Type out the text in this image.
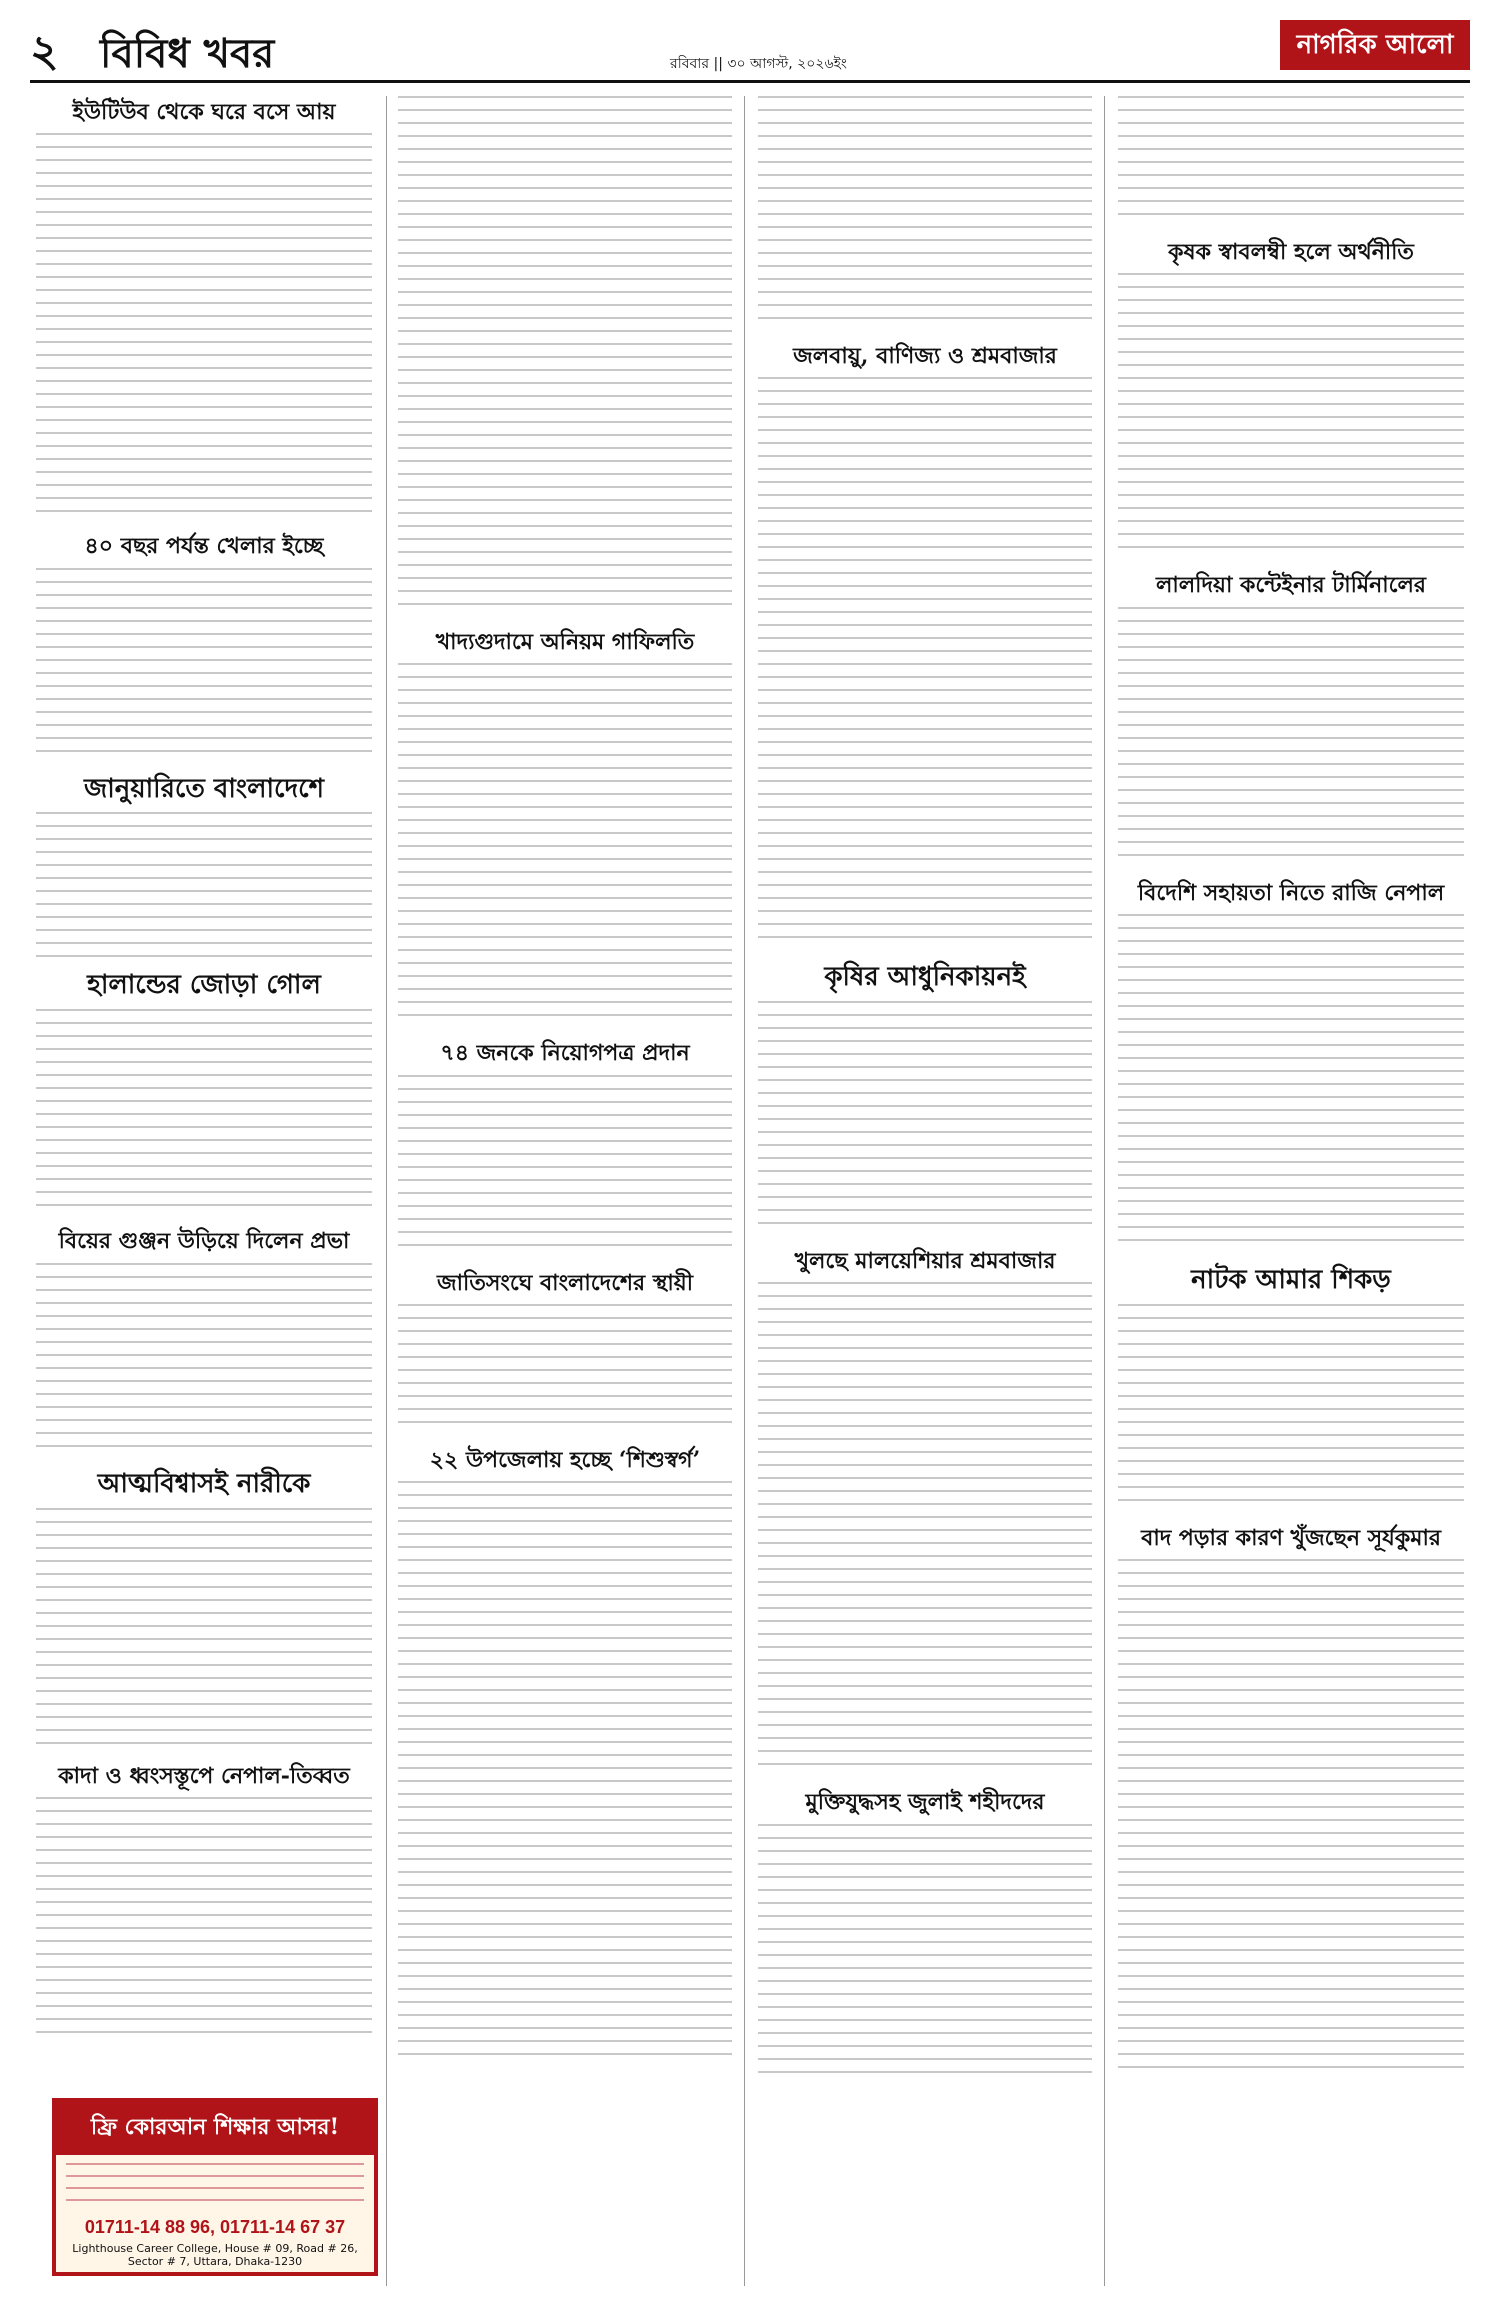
২ বিবিধ খবর	রবিবার || ৩০ আগস্ট, ২০২৬ইং
নাগরিক আলো
ইউটিউব থেকে ঘরে বসে আয়
৪০ বছর পর্যন্ত খেলার ইচ্ছে
জানুয়ারিতে বাংলাদেশে
হালান্ডের জোড়া গোল
বিয়ের গুঞ্জন উড়িয়ে দিলেন প্রভা
আত্মবিশ্বাসই নারীকে
কাদা ও ধ্বংসস্তূপে নেপাল-তিব্বত
খাদ্যগুদামে অনিয়ম গাফিলতি
৭৪ জনকে নিয়োগপত্র প্রদান
জাতিসংঘে বাংলাদেশের স্থায়ী
২২ উপজেলায় হচ্ছে ‘শিশুস্বর্গ’
জলবায়ু, বাণিজ্য ও শ্রমবাজার
কৃষির আধুনিকায়নই
খুলছে মালয়েশিয়ার শ্রমবাজার
মুক্তিযুদ্ধসহ জুলাই শহীদদের
কৃষক স্বাবলম্বী হলে অর্থনীতি
লালদিয়া কন্টেইনার টার্মিনালের
বিদেশি সহায়তা নিতে রাজি নেপাল
নাটক আমার শিকড়
বাদ পড়ার কারণ খুঁজছেন সূর্যকুমার
ফ্রি কোরআন শিক্ষার আসর!
01711-14 88 96, 01711-14 67 37
Lighthouse Career College, House # 09, Road # 26, Sector # 7, Uttara, Dhaka-1230
